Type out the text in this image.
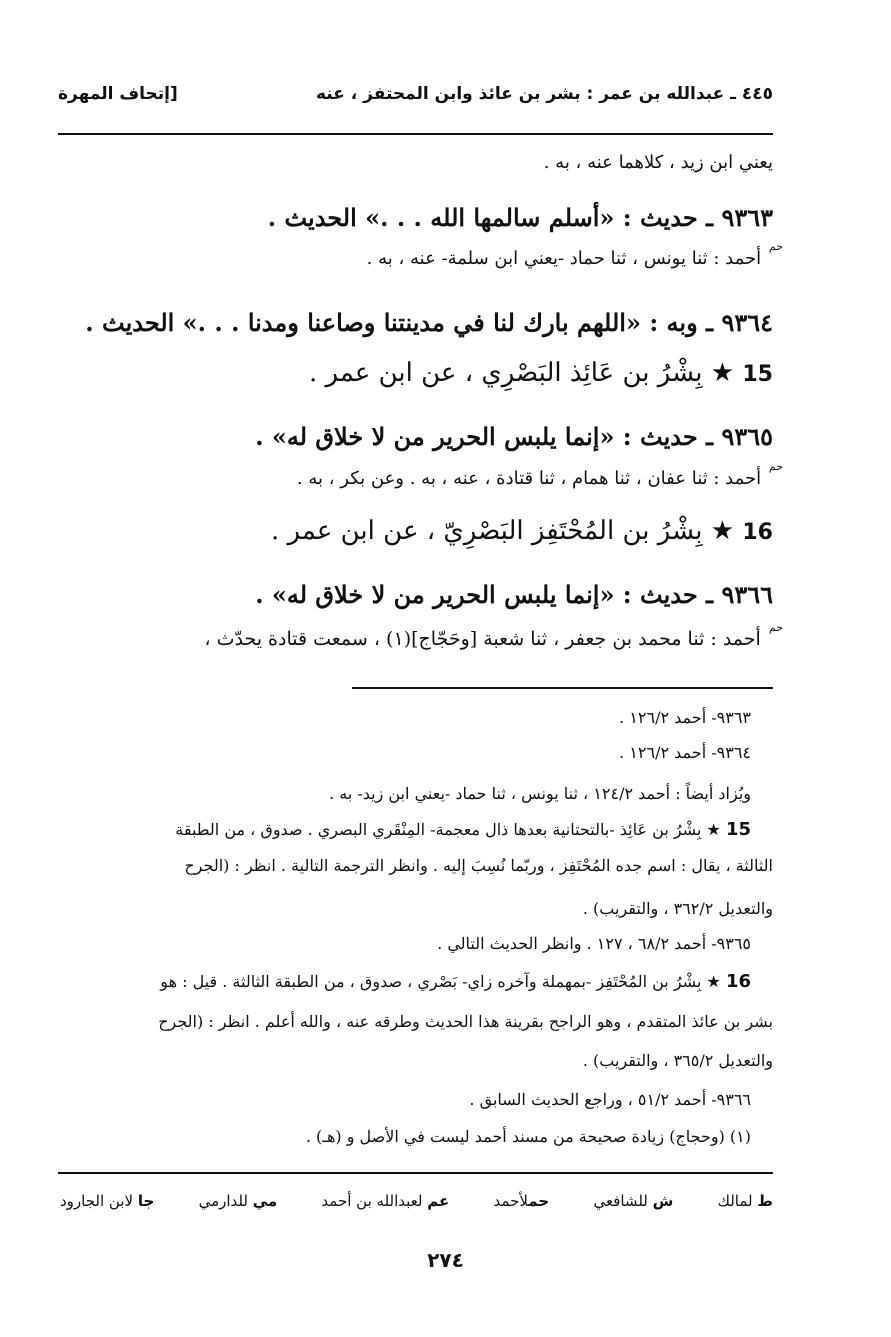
٤٤٥ ـ عبدالله بن عمر : بشر بن عائذ وابن المحتفز ، عنه
[إتحاف المهرة
يعني ابن زيد ، كلاهما عنه ، به .
٩٣٦٣ ـ حديث : «أسلم سالمها الله . . .» الحديث .
$^{حم}$ أحمد : ثنا يونس ، ثنا حماد -يعني ابن سلمة- عنه ، به .
٩٣٦٤ ـ وبه : «اللهم بارك لنا في مدينتنا وصاعنا ومدنا . . .» الحديث .
15 ★ بِشْرُ بن عَائِذ البَصْرِي ، عن ابن عمر .
٩٣٦٥ ـ حديث : «إنما يلبس الحرير من لا خلاق له» .
$^{حم}$ أحمد : ثنا عفان ، ثنا همام ، ثنا قتادة ، عنه ، به . وعن بكر ، به .
16 ★ بِشْرُ بن المُحْتَفِز البَصْرِيّ ، عن ابن عمر .
٩٣٦٦ ـ حديث : «إنما يلبس الحرير من لا خلاق له» .
$^{حم}$ أحمد : ثنا محمد بن جعفر ، ثنا شعبة [وحَجّاج](١) ، سمعت قتادة يحدّث ،
٩٣٦٣- أحمد ١٢٦/٢ .
٩٣٦٤- أحمد ١٢٦/٢ .
ويُزاد أيضاً : أحمد ١٢٤/٢ ، ثنا يونس ، ثنا حماد -يعني ابن زيد- به .
15 ★ بِشْرُ بن عَائِذ -بالتحتانية بعدها ذال معجمة- المِنْقَري البصري . صدوق ، من الطبقة
الثالثة ، يقال : اسم جده المُحْتَفِز ، وربّما نُسِبَ إليه . وانظر الترجمة التالية . انظر : (الجرح
والتعديل ٣٦٢/٢ ، والتقريب) .
٩٣٦٥- أحمد ٦٨/٢ ، ١٢٧ . وانظر الحديث التالي .
16 ★ بِشْرُ بن المُحْتَفِز -بمهملة وآخره زاي- بَصْري ، صدوق ، من الطبقة الثالثة . قيل : هو
بشر بن عائذ المتقدم ، وهو الراجح بقرينة هذا الحديث وطرقه عنه ، والله أعلم . انظر : (الجرح
والتعديل ٣٦٥/٢ ، والتقريب) .
٩٣٦٦- أحمد ٥١/٢ ، وراجع الحديث السابق .
(١) (وحجاج) زيادة صحيحة من مسند أحمد ليست في الأصل و (هـ) .
ط لمالك
ش للشافعي
حملأحمد
عم لعبدالله بن أحمد
مي للدارمي
جا لابن الجارود
٢٧٤
